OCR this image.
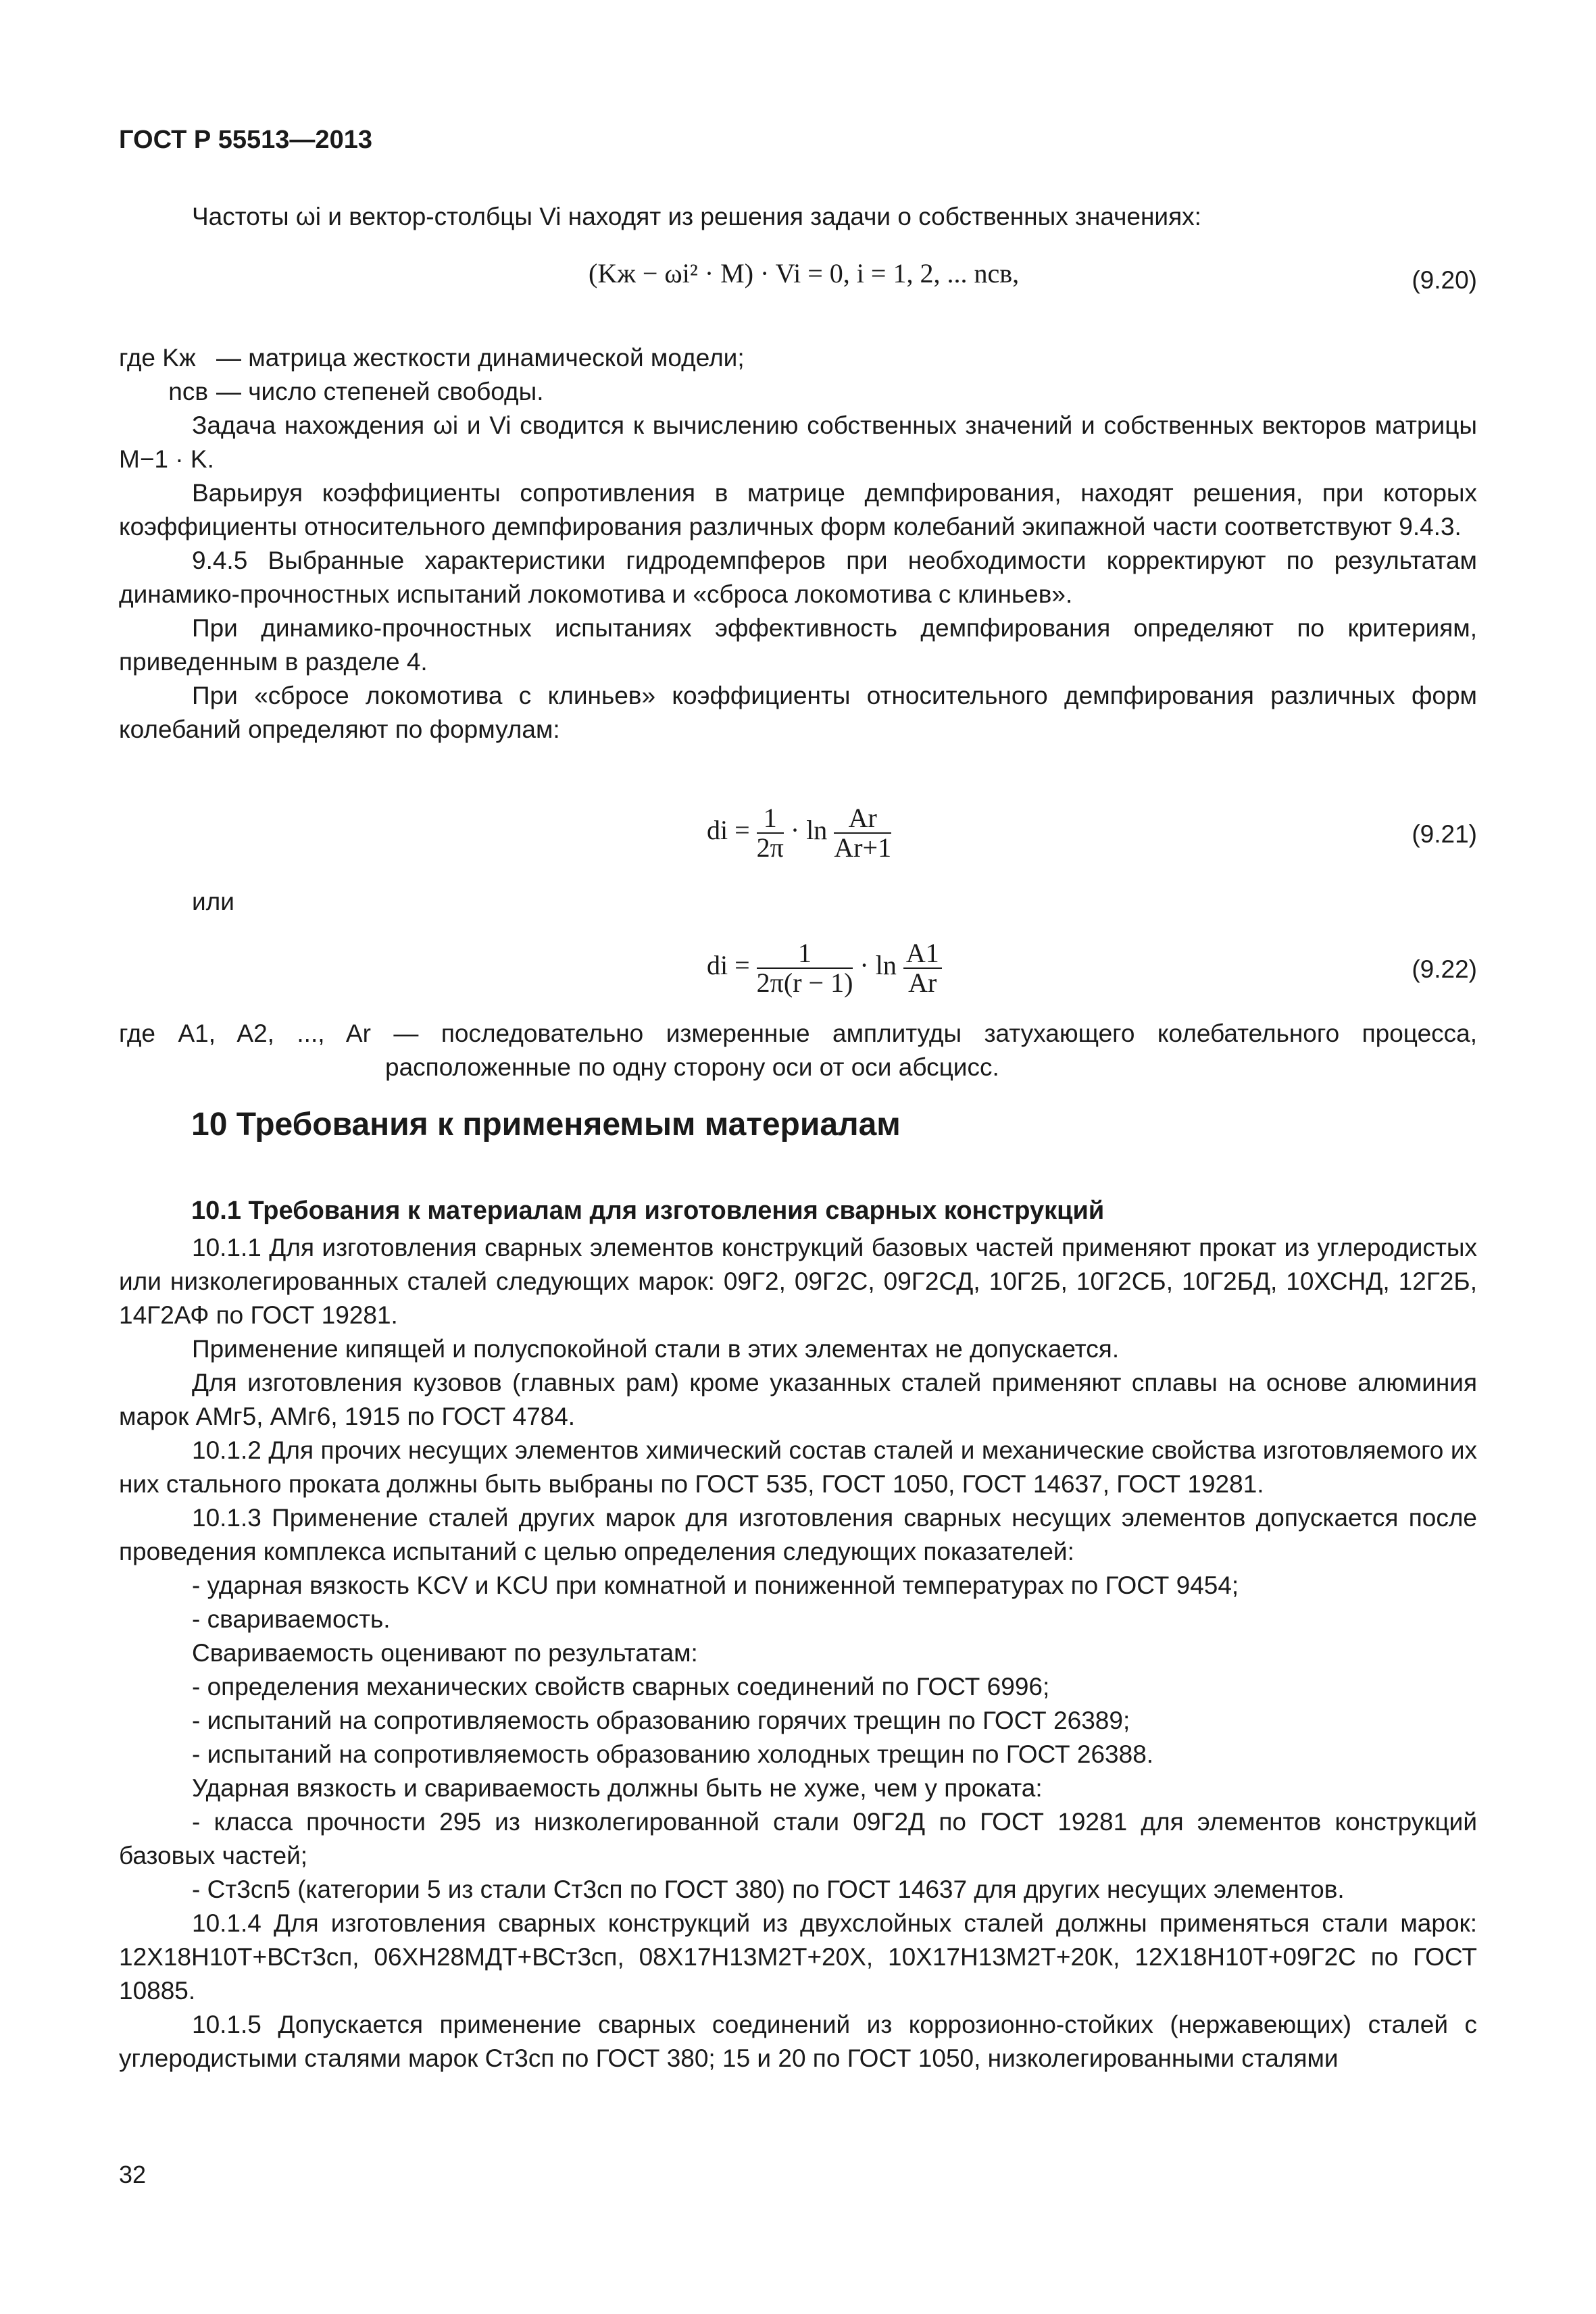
ГОСТ Р 55513—2013

Частоты ωi и вектор-столбцы Vi находят из решения задачи о собственных значениях:

(Kж − ωi² · M) · Vi = 0, i = 1, 2, ... nсв,	(9.20)
где Kж — матрица жесткости динамической модели;
nсв — число степеней свободы.

Задача нахождения ωi и Vi сводится к вычислению собственных значений и собственных векторов матрицы M−1 · K.

Варьируя коэффициенты сопротивления в матрице демпфирования, находят решения, при которых коэффициенты относительного демпфирования различных форм колебаний экипажной части соответствуют 9.4.3.

9.4.5 Выбранные характеристики гидродемпферов при необходимости корректируют по результатам динамико-прочностных испытаний локомотива и «сброса локомотива с клиньев».

При динамико-прочностных испытаниях эффективность демпфирования определяют по критериям, приведенным в разделе 4.

При «сбросе локомотива с клиньев» коэффициенты относительного демпфирования различных форм колебаний определяют по формулам:

di = $\frac{1}{2\pi} \cdot \ln \frac{Ar}{Ar+1}$	(9.21)

или

di = $\frac{1}{2\pi(r - 1)} \cdot \ln \frac{A1}{Ar}$	(9.22)

где A1, A2, ..., Ar — последовательно измеренные амплитуды затухающего колебательного процесса, расположенные по одну сторону оси от оси абсцисс.

10 Требования к применяемым материалам
10.1 Требования к материалам для изготовления сварных конструкций

10.1.1 Для изготовления сварных элементов конструкций базовых частей применяют прокат из углеродистых или низколегированных сталей следующих марок: 09Г2, 09Г2С, 09Г2СД, 10Г2Б, 10Г2СБ, 10Г2БД, 10ХСНД, 12Г2Б, 14Г2АФ по ГОСТ 19281.

Применение кипящей и полуспокойной стали в этих элементах не допускается.

Для изготовления кузовов (главных рам) кроме указанных сталей применяют сплавы на основе алюминия марок АМг5, АМг6, 1915 по ГОСТ 4784.

10.1.2 Для прочих несущих элементов химический состав сталей и механические свойства изготовляемого их них стального проката должны быть выбраны по ГОСТ 535, ГОСТ 1050, ГОСТ 14637, ГОСТ 19281.

10.1.3 Применение сталей других марок для изготовления сварных несущих элементов допускается после проведения комплекса испытаний с целью определения следующих показателей:

- ударная вязкость KCV и KCU при комнатной и пониженной температурах по ГОСТ 9454;

- свариваемость.

Свариваемость оценивают по результатам:

- определения механических свойств сварных соединений по ГОСТ 6996;

- испытаний на сопротивляемость образованию горячих трещин по ГОСТ 26389;

- испытаний на сопротивляемость образованию холодных трещин по ГОСТ 26388.

Ударная вязкость и свариваемость должны быть не хуже, чем у проката:

- класса прочности 295 из низколегированной стали 09Г2Д по ГОСТ 19281 для элементов конструкций базовых частей;

- Ст3сп5 (категории 5 из стали Ст3сп по ГОСТ 380) по ГОСТ 14637 для других несущих элементов.

10.1.4 Для изготовления сварных конструкций из двухслойных сталей должны применяться стали марок: 12Х18Н10Т+ВСт3сп, 06ХН28МДТ+ВСт3сп, 08Х17Н13М2Т+20Х, 10Х17Н13М2Т+20К, 12Х18Н10Т+09Г2С по ГОСТ 10885.

10.1.5 Допускается применение сварных соединений из коррозионно-стойких (нержавеющих) сталей с углеродистыми сталями марок Ст3сп по ГОСТ 380; 15 и 20 по ГОСТ 1050, низколегированными сталями

32
